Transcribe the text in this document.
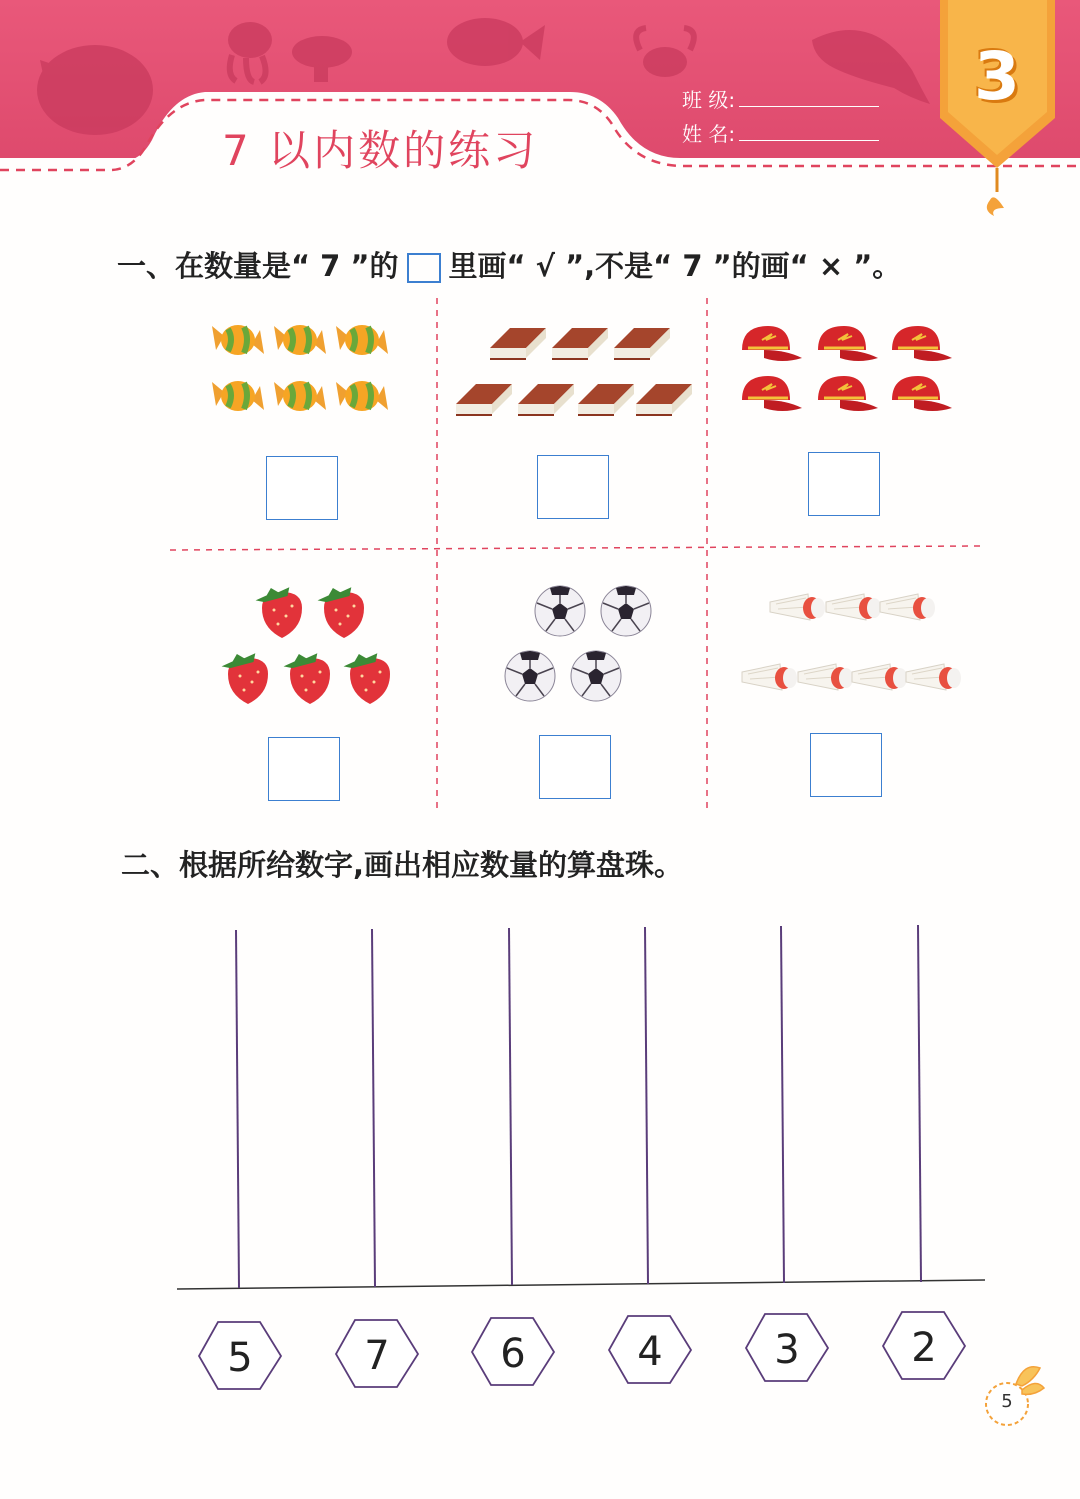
7 以内数的练习
班 级:
姓 名:
3
一、在数量是“ 7 ”的 里画“ √ ”,不是“ 7 ”的画“ × ”。
二、根据所给数字,画出相应数量的算盘珠。
5	7	6	4	3	2
5
